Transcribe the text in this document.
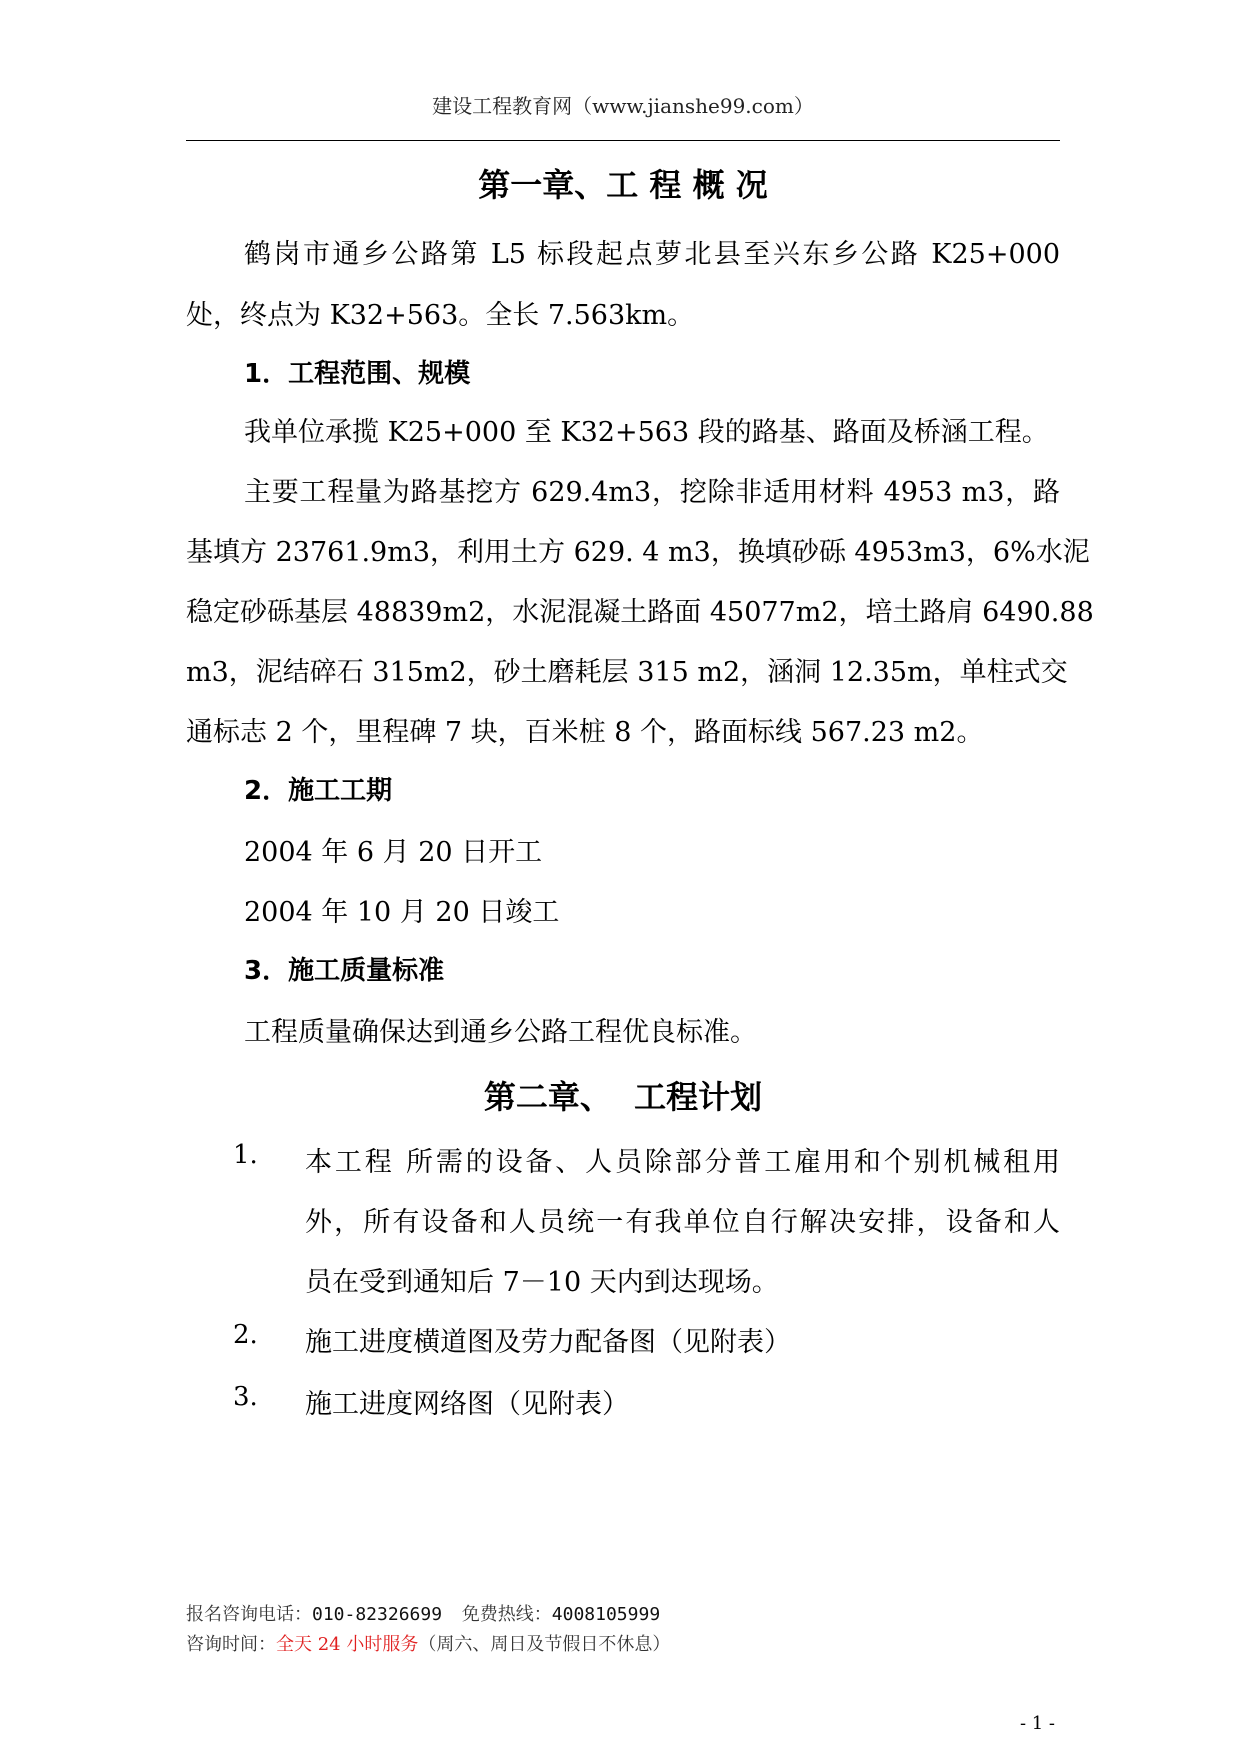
建设工程教育网（www.jianshe99.com）
第一章、工 程 概 况
鹤岗市通乡公路第 L5 标段起点萝北县至兴东乡公路 K25+000
处，终点为 K32+563。全长 7.563km。
1．工程范围、规模
我单位承揽 K25+000 至 K32+563 段的路基、路面及桥涵工程。
主要工程量为路基挖方 629.4m3，挖除非适用材料 4953 m3，路
基填方 23761.9m3，利用土方 629. 4 m3，换填砂砾 4953m3，6%水泥
稳定砂砾基层 48839m2，水泥混凝土路面 45077m2，培土路肩 6490.88
m3，泥结碎石 315m2，砂土磨耗层 315 m2，涵洞 12.35m，单柱式交
通标志 2 个，里程碑 7 块，百米桩 8 个，路面标线 567.23 m2。
2．施工工期
2004 年 6 月 20 日开工
2004 年 10 月 20 日竣工
3．施工质量标准
工程质量确保达到通乡公路工程优良标准。
第二章、  工程计划
1. 本工程 所需的设备、人员除部分普工雇用和个别机械租用
外，所有设备和人员统一有我单位自行解决安排，设备和人
员在受到通知后 7－10 天内到达现场。
2. 施工进度横道图及劳力配备图（见附表）
3. 施工进度网络图（见附表）
报名咨询电话：010-82326699 免费热线：4008105999
咨询时间：全天 24 小时服务（周六、周日及节假日不休息）
- 1 -
